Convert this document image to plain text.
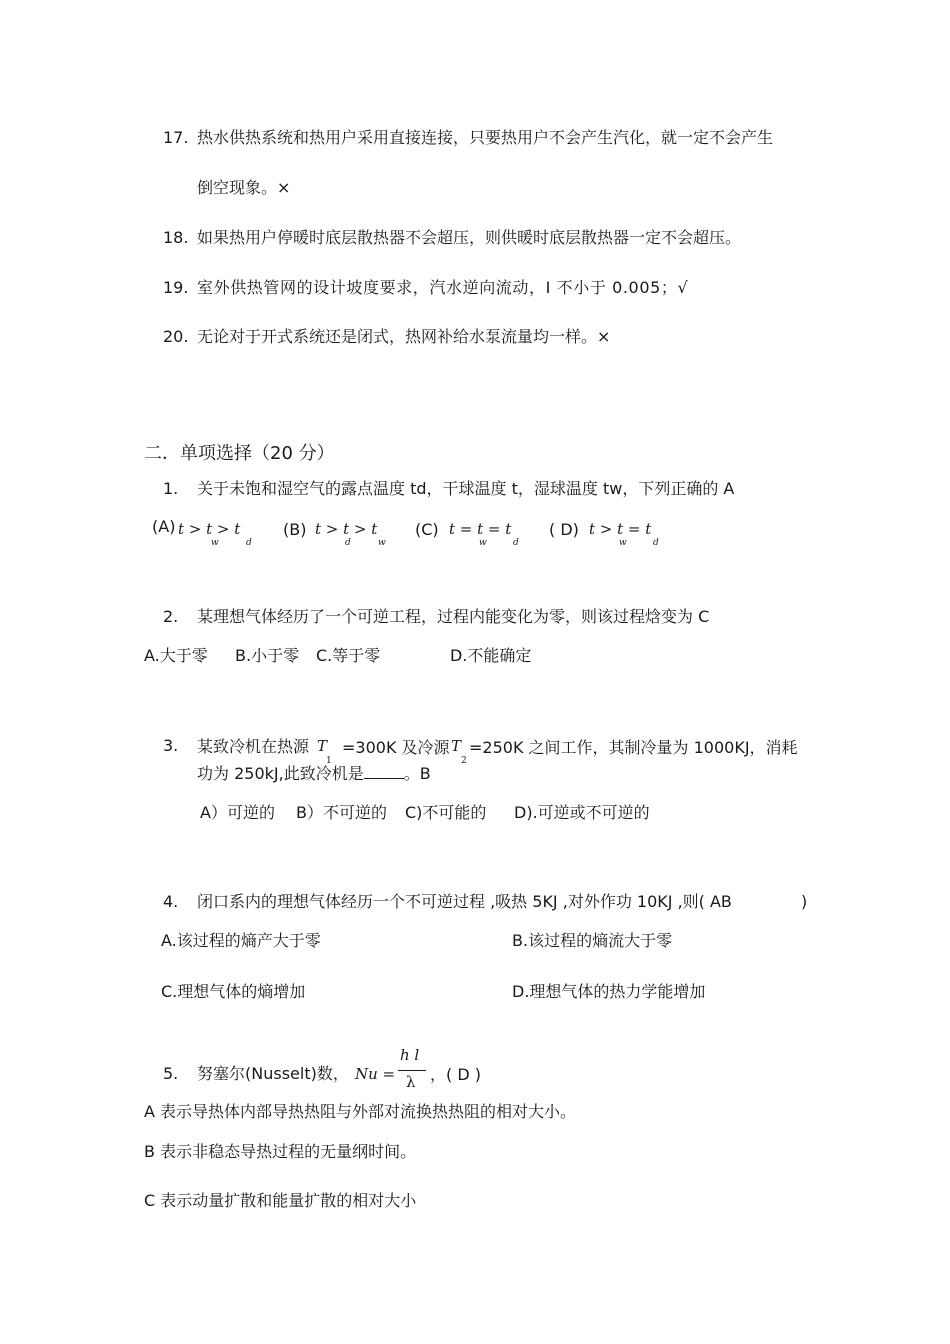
17. 热水供热系统和热用户采用直接连接，只要热用户不会产生汽化，就一定不会产生
倒空现象。×
18. 如果热用户停暖时底层散热器不会超压，则供暖时底层散热器一定不会超压。
19. 室外供热管网的设计坡度要求，汽水逆向流动，I 不小于 0.005；√
20. 无论对于开式系统还是闭式，热网补给水泵流量均一样。×
二．单项选择（20 分）
1. 关于未饱和湿空气的露点温度 td，干球温度 t，湿球温度 tw，下列正确的 A
(A) t > t > t
w	d
(B) t > t > t
d	w
(C) t = t = t
w	d
( D) t > t = t
w	d
2. 某理想气体经历了一个可逆工程，过程内能变化为零，则该过程焓变为 C
A.大于零 B.小于零 C.等于零	D.不能确定
3. 某致冷机在热源 T
1
=300K 及冷源 T
2
=250K 之间工作，其制冷量为 1000KJ，消耗
功为 250kJ,此致冷机是	。B
A）可逆的 B）不可逆的 C)不可能的 D).可逆或不可逆的
4. 闭口系内的理想气体经历一个不可逆过程 ,吸热 5KJ ,对外作功 10KJ ,则( AB	)
A.该过程的熵产大于零	B.该过程的熵流大于零
C.理想气体的熵增加	D.理想气体的热力学能增加
5. 努塞尔(Nusselt)数， Nu =
h l
λ ，( D )
A 表示导热体内部导热热阻与外部对流换热热阻的相对大小。
B 表示非稳态导热过程的无量纲时间。
C 表示动量扩散和能量扩散的相对大小
